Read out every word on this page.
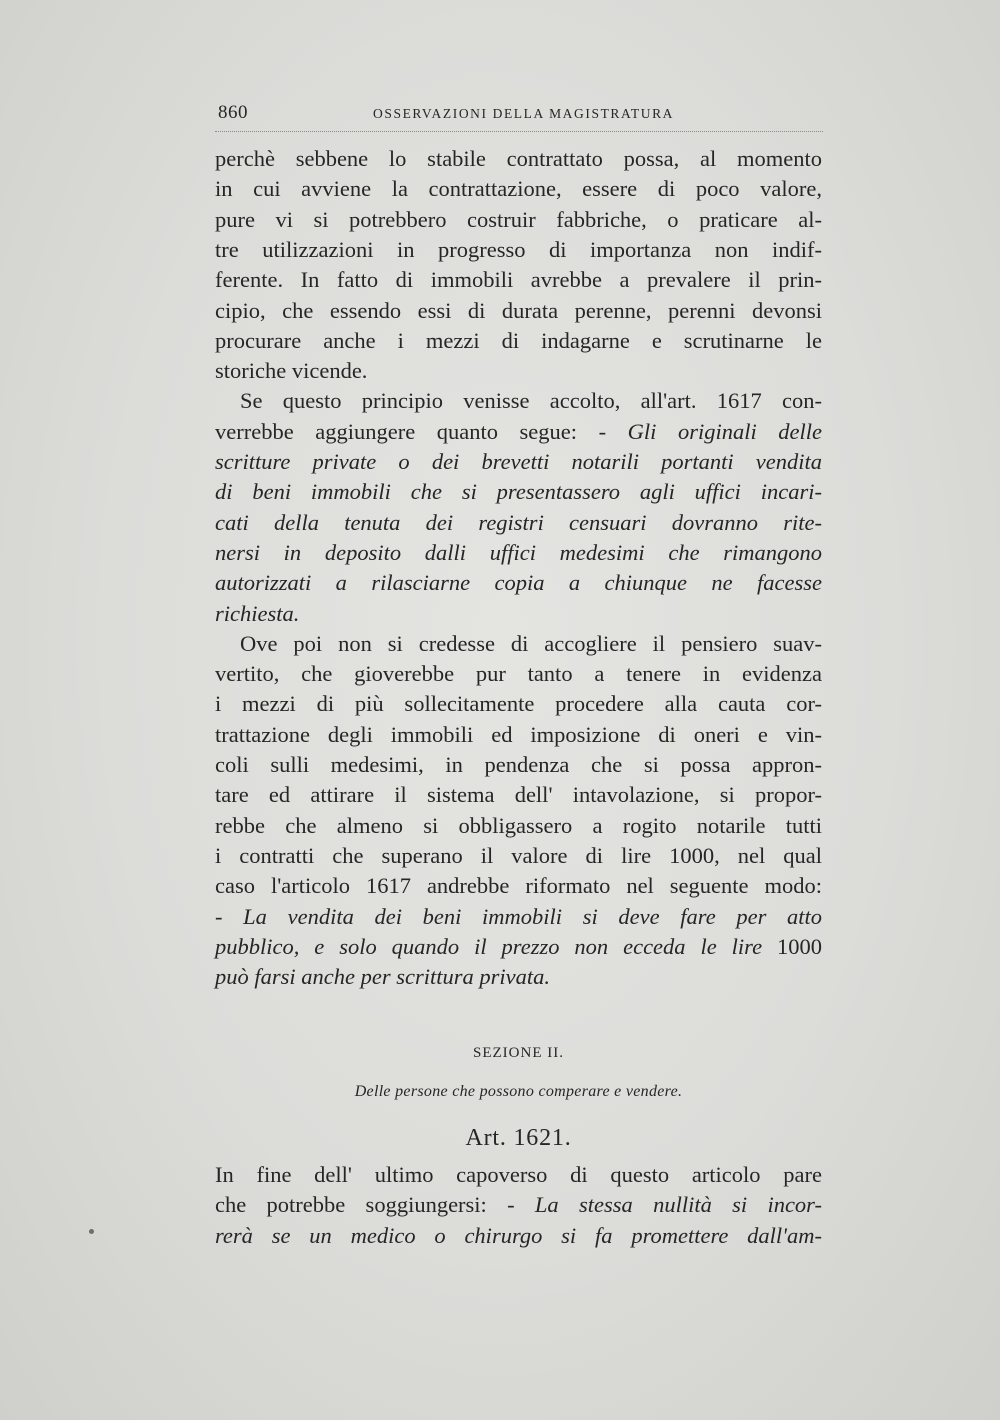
860	OSSERVAZIONI DELLA MAGISTRATURA
perchè sebbene lo stabile contrattato possa, al momento
in cui avviene la contrattazione, essere di poco valore,
pure vi si potrebbero costruir fabbriche, o praticare al-
tre utilizzazioni in progresso di importanza non indif-
ferente. In fatto di immobili avrebbe a prevalere il prin-
cipio, che essendo essi di durata perenne, perenni devonsi
procurare anche i mezzi di indagarne e scrutinarne le
storiche vicende.
Se questo principio venisse accolto, all'art. 1617 con-
verrebbe aggiungere quanto segue: - Gli originali delle
scritture private o dei brevetti notarili portanti vendita
di beni immobili che si presentassero agli uffici incari-
cati della tenuta dei registri censuari dovranno rite-
nersi in deposito dalli uffici medesimi che rimangono
autorizzati a rilasciarne copia a chiunque ne facesse
richiesta.
Ove poi non si credesse di accogliere il pensiero suav-
vertito, che gioverebbe pur tanto a tenere in evidenza
i mezzi di più sollecitamente procedere alla cauta cor-
trattazione degli immobili ed imposizione di oneri e vin-
coli sulli medesimi, in pendenza che si possa appron-
tare ed attirare il sistema dell' intavolazione, si propor-
rebbe che almeno si obbligassero a rogito notarile tutti
i contratti che superano il valore di lire 1000, nel qual
caso l'articolo 1617 andrebbe riformato nel seguente modo:
- La vendita dei beni immobili si deve fare per atto
pubblico, e solo quando il prezzo non ecceda le lire 1000
può farsi anche per scrittura privata.
SEZIONE II.
Delle persone che possono comperare e vendere.
Art. 1621.
In fine dell' ultimo capoverso di questo articolo pare
che potrebbe soggiungersi: - La stessa nullità si incor-
rerà se un medico o chirurgo si fa promettere dall'am-
